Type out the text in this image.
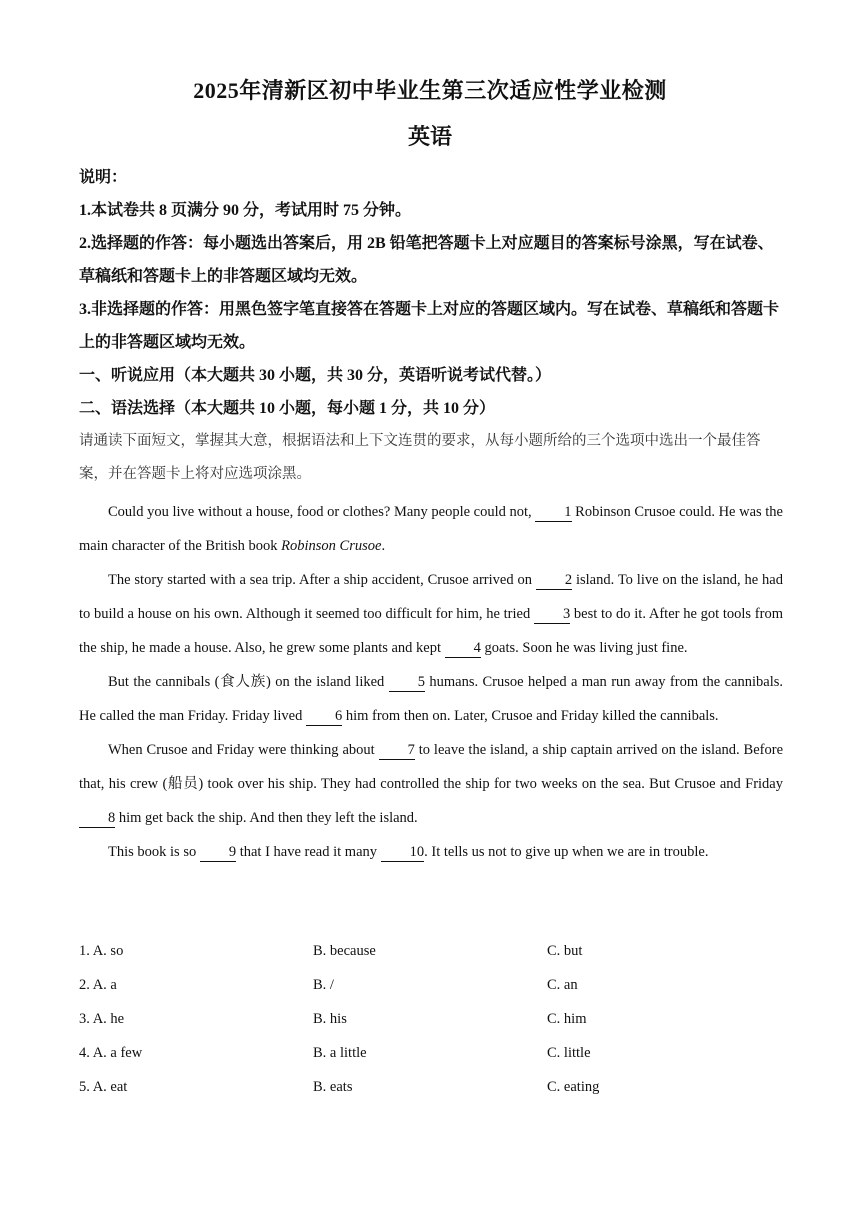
2025年清新区初中毕业生第三次适应性学业检测
英语
说明：
1.本试卷共 8 页满分 90 分，考试用时 75 分钟。
2.选择题的作答：每小题选出答案后，用 2B 铅笔把答题卡上对应题目的答案标号涂黑，写在试卷、草稿纸和答题卡上的非答题区域均无效。
3.非选择题的作答：用黑色签字笔直接答在答题卡上对应的答题区域内。写在试卷、草稿纸和答题卡上的非答题区域均无效。
一、听说应用（本大题共 30 小题，共 30 分，英语听说考试代替。）
二、语法选择（本大题共 10 小题，每小题 1 分，共 10 分）
请通读下面短文，掌握其大意，根据语法和上下文连贯的要求，从每小题所给的三个选项中选出一个最佳答案，并在答题卡上将对应选项涂黑。

Could you live without a house, food or clothes? Many people could not, 1 Robinson Crusoe could. He was the main character of the British book Robinson Crusoe.

The story started with a sea trip. After a ship accident, Crusoe arrived on 2 island. To live on the island, he had to build a house on his own. Although it seemed too difficult for him, he tried 3 best to do it. After he got tools from the ship, he made a house. Also, he grew some plants and kept 4 goats. Soon he was living just fine.

But the cannibals (食人族) on the island liked 5 humans. Crusoe helped a man run away from the cannibals. He called the man Friday. Friday lived 6 him from then on. Later, Crusoe and Friday killed the cannibals.

When Crusoe and Friday were thinking about 7 to leave the island, a ship captain arrived on the island. Before that, his crew (船员) took over his ship. They had controlled the ship for two weeks on the sea. But Crusoe and Friday 8 him get back the ship. And then they left the island.

This book is so 9 that I have read it many 10. It tells us not to give up when we are in trouble.

1. A. so	B. because	C. but
2. A. a	B. /	C. an
3. A. he	B. his	C. him
4. A. a few	B. a little	C. little
5. A. eat	B. eats	C. eating
